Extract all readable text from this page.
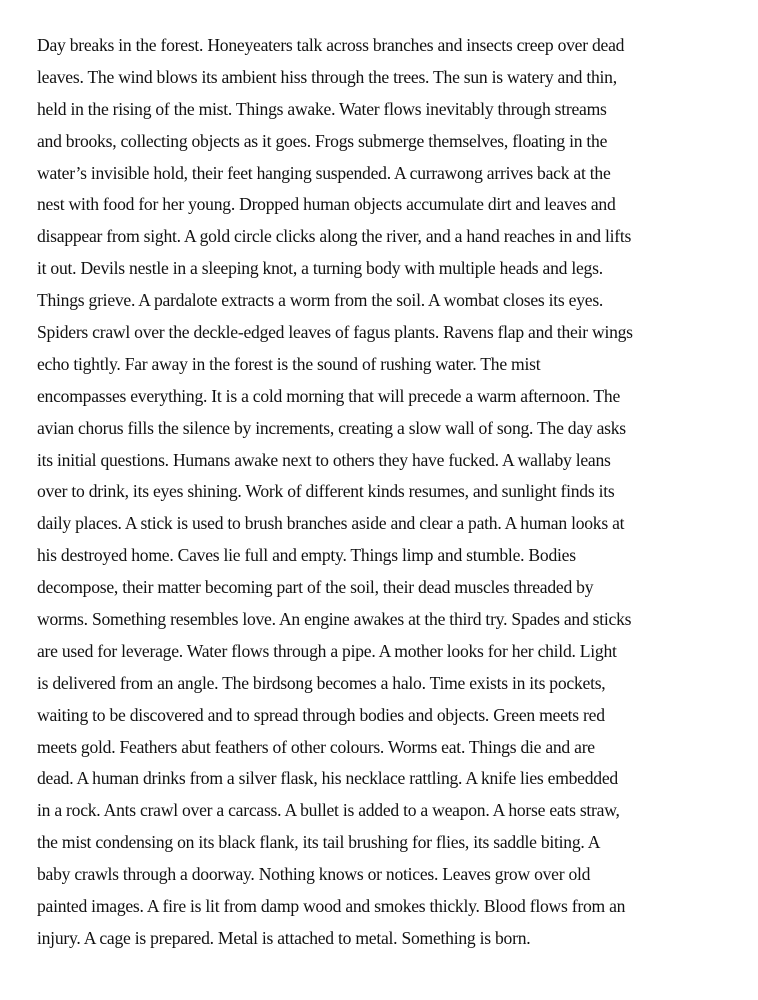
Day breaks in the forest. Honeyeaters talk across branches and insects creep over dead
leaves. The wind blows its ambient hiss through the trees. The sun is watery and thin,
held in the rising of the mist. Things awake. Water flows inevitably through streams
and brooks, collecting objects as it goes. Frogs submerge themselves, floating in the
water’s invisible hold, their feet hanging suspended. A currawong arrives back at the
nest with food for her young. Dropped human objects accumulate dirt and leaves and
disappear from sight. A gold circle clicks along the river, and a hand reaches in and lifts
it out. Devils nestle in a sleeping knot, a turning body with multiple heads and legs.
Things grieve. A pardalote extracts a worm from the soil. A wombat closes its eyes.
Spiders crawl over the deckle-edged leaves of fagus plants. Ravens flap and their wings
echo tightly. Far away in the forest is the sound of rushing water. The mist
encompasses everything. It is a cold morning that will precede a warm afternoon. The
avian chorus fills the silence by increments, creating a slow wall of song. The day asks
its initial questions. Humans awake next to others they have fucked. A wallaby leans
over to drink, its eyes shining. Work of different kinds resumes, and sunlight finds its
daily places. A stick is used to brush branches aside and clear a path. A human looks at
his destroyed home. Caves lie full and empty. Things limp and stumble. Bodies
decompose, their matter becoming part of the soil, their dead muscles threaded by
worms. Something resembles love. An engine awakes at the third try. Spades and sticks
are used for leverage. Water flows through a pipe. A mother looks for her child. Light
is delivered from an angle. The birdsong becomes a halo. Time exists in its pockets,
waiting to be discovered and to spread through bodies and objects. Green meets red
meets gold. Feathers abut feathers of other colours. Worms eat. Things die and are
dead. A human drinks from a silver flask, his necklace rattling. A knife lies embedded
in a rock. Ants crawl over a carcass. A bullet is added to a weapon. A horse eats straw,
the mist condensing on its black flank, its tail brushing for flies, its saddle biting. A
baby crawls through a doorway. Nothing knows or notices. Leaves grow over old
painted images. A fire is lit from damp wood and smokes thickly. Blood flows from an
injury. A cage is prepared. Metal is attached to metal. Something is born.
